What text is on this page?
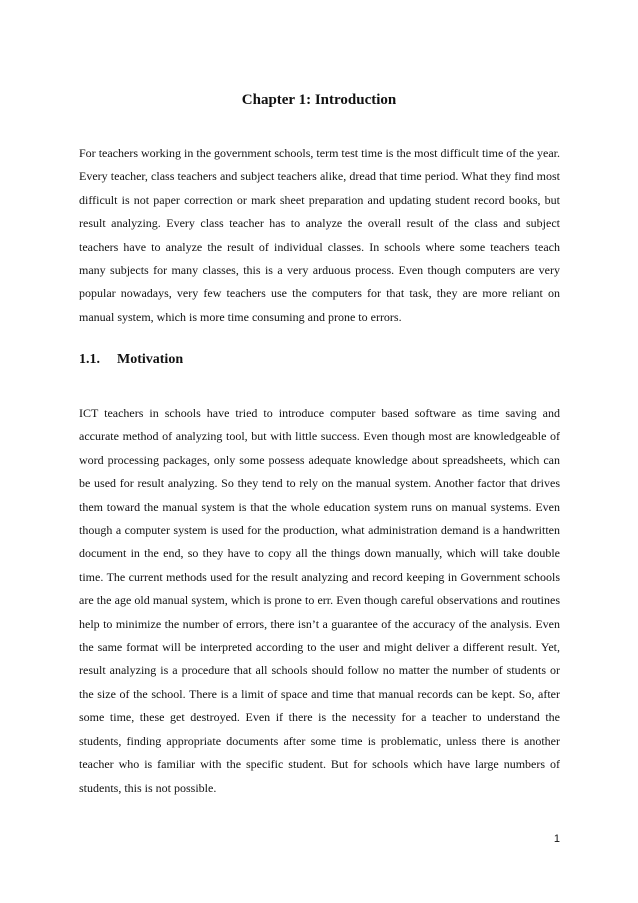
Chapter 1: Introduction

For teachers working in the government schools, term test time is the most difficult time of the year. Every teacher, class teachers and subject teachers alike, dread that time period. What they find most difficult is not paper correction or mark sheet preparation and updating student record books, but result analyzing. Every class teacher has to analyze the overall result of the class and subject teachers have to analyze the result of individual classes. In schools where some teachers teach many subjects for many classes, this is a very arduous process. Even though computers are very popular nowadays, very few teachers use the computers for that task, they are more reliant on manual system, which is more time consuming and prone to errors.

1.1. Motivation

ICT teachers in schools have tried to introduce computer based software as time saving and accurate method of analyzing tool, but with little success. Even though most are knowledgeable of word processing packages, only some possess adequate knowledge about spreadsheets, which can be used for result analyzing. So they tend to rely on the manual system. Another factor that drives them toward the manual system is that the whole education system runs on manual systems. Even though a computer system is used for the production, what administration demand is a handwritten document in the end, so they have to copy all the things down manually, which will take double time. The current methods used for the result analyzing and record keeping in Government schools are the age old manual system, which is prone to err. Even though careful observations and routines help to minimize the number of errors, there isn’t a guarantee of the accuracy of the analysis. Even the same format will be interpreted according to the user and might deliver a different result. Yet, result analyzing is a procedure that all schools should follow no matter the number of students or the size of the school. There is a limit of space and time that manual records can be kept. So, after some time, these get destroyed. Even if there is the necessity for a teacher to understand the students, finding appropriate documents after some time is problematic, unless there is another teacher who is familiar with the specific student. But for schools which have large numbers of students, this is not possible.

1
